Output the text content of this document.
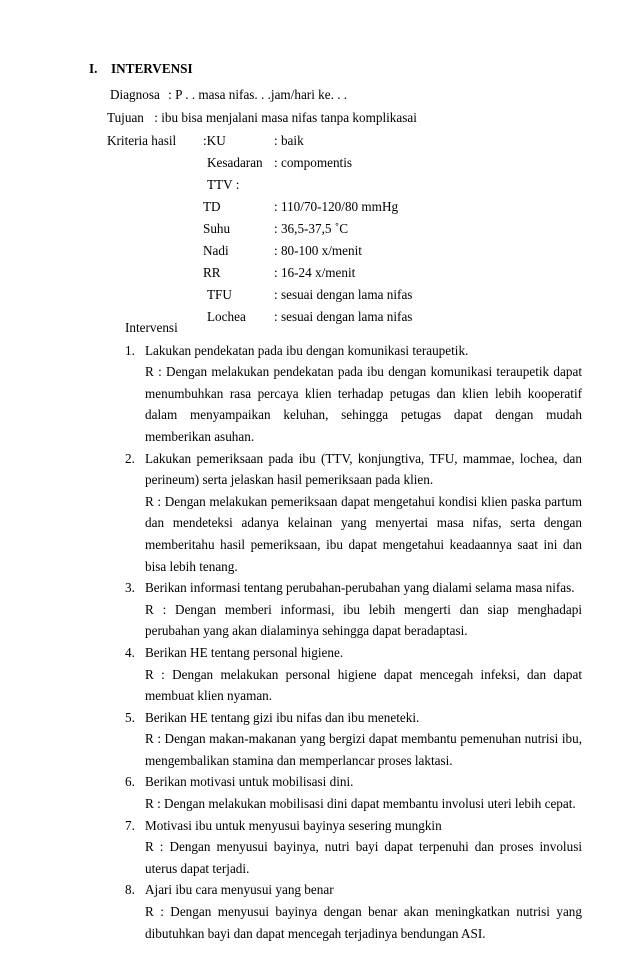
I. INTERVENSI
Diagnosa : P . . masa nifas. . .jam/hari ke. . .
Tujuan : ibu bisa menjalani masa nifas tanpa komplikasai
Kriteria hasil :KU	: baik
Kesadaran : compomentis
TTV :
TD	: 110/70-120/80 mmHg
Suhu	: 36,5-37,5 ˚C
Nadi	: 80-100 x/menit
RR	: 16-24 x/menit
TFU	: sesuai dengan lama nifas
Lochea : sesuai dengan lama nifas
Intervensi
1. Lakukan pendekatan pada ibu dengan komunikasi teraupetik.
R : Dengan melakukan pendekatan pada ibu dengan komunikasi teraupetik dapat menumbuhkan rasa percaya klien terhadap petugas dan klien lebih kooperatif dalam menyampaikan keluhan, sehingga petugas dapat dengan mudah memberikan asuhan.
2. Lakukan pemeriksaan pada ibu (TTV, konjungtiva, TFU, mammae, lochea, dan perineum) serta jelaskan hasil pemeriksaan pada klien.
R : Dengan melakukan pemeriksaan dapat mengetahui kondisi klien paska partum dan mendeteksi adanya kelainan yang menyertai masa nifas, serta dengan memberitahu hasil pemeriksaan, ibu dapat mengetahui keadaannya saat ini dan bisa lebih tenang.
3. Berikan informasi tentang perubahan-perubahan yang dialami selama masa nifas.
R : Dengan memberi informasi, ibu lebih mengerti dan siap menghadapi perubahan yang akan dialaminya sehingga dapat beradaptasi.
4. Berikan HE tentang personal higiene.
R : Dengan melakukan personal higiene dapat mencegah infeksi, dan dapat membuat klien nyaman.
5. Berikan HE tentang gizi ibu nifas dan ibu meneteki.
R : Dengan makan-makanan yang bergizi dapat membantu pemenuhan nutrisi ibu, mengembalikan stamina dan memperlancar proses laktasi.
6. Berikan motivasi untuk mobilisasi dini.
R : Dengan melakukan mobilisasi dini dapat membantu involusi uteri lebih cepat.
7. Motivasi ibu untuk menyusui bayinya sesering mungkin
R : Dengan menyusui bayinya, nutri bayi dapat terpenuhi dan proses involusi uterus dapat terjadi.
8. Ajari ibu cara menyusui yang benar
R : Dengan menyusui bayinya dengan benar akan meningkatkan nutrisi yang dibutuhkan bayi dan dapat mencegah terjadinya bendungan ASI.
